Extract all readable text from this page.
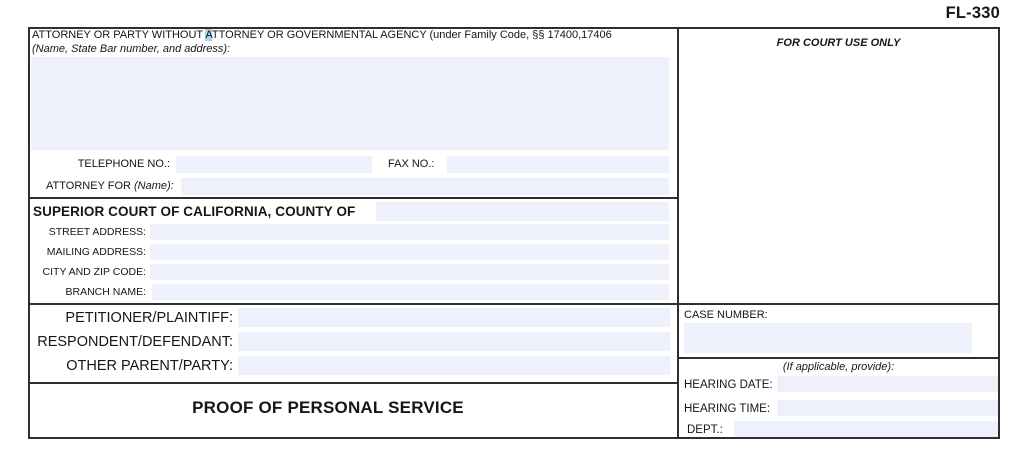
FL-330
ATTORNEY OR PARTY WITHOUT ATTORNEY OR GOVERNMENTAL AGENCY (under Family Code, §§ 17400,17406
(Name, State Bar number, and address):
TELEPHONE NO.:	FAX NO.:
ATTORNEY FOR (Name):
SUPERIOR COURT OF CALIFORNIA, COUNTY OF
STREET ADDRESS:
MAILING ADDRESS:
CITY AND ZIP CODE:
BRANCH NAME:
PETITIONER/PLAINTIFF:
RESPONDENT/DEFENDANT:
OTHER PARENT/PARTY:
PROOF OF PERSONAL SERVICE
FOR COURT USE ONLY
CASE NUMBER:
(If applicable, provide):
HEARING DATE:
HEARING TIME:
DEPT.:
